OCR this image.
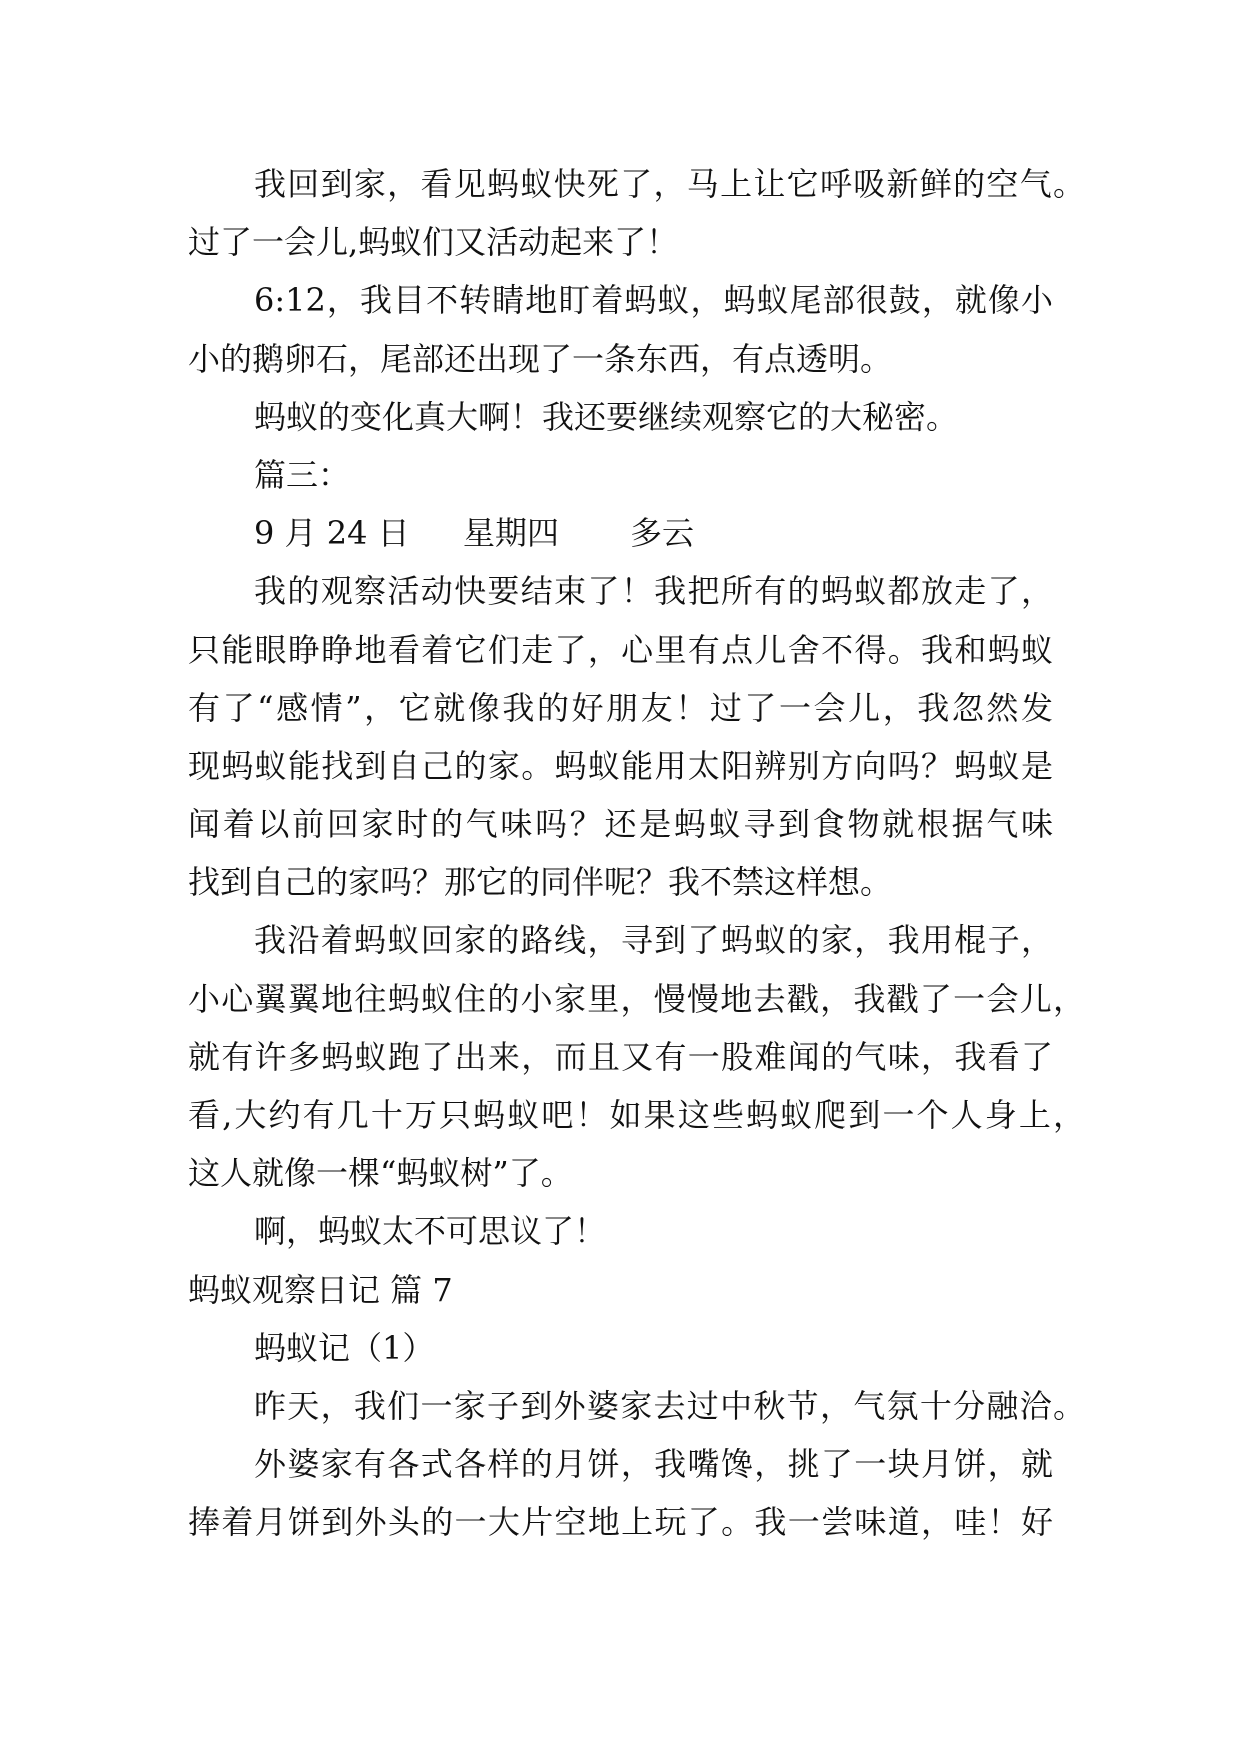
我回到家，看见蚂蚁快死了，马上让它呼吸新鲜的空气。
过了一会儿,蚂蚁们又活动起来了！
6:12，我目不转睛地盯着蚂蚁，蚂蚁尾部很鼓，就像小
小的鹅卵石，尾部还出现了一条东西，有点透明。
蚂蚁的变化真大啊！我还要继续观察它的大秘密。
篇三：
9 月 24 日 星期四 多云
我的观察活动快要结束了！我把所有的蚂蚁都放走了，
只能眼睁睁地看着它们走了，心里有点儿舍不得。我和蚂蚁
有了“感情”，它就像我的好朋友！过了一会儿，我忽然发
现蚂蚁能找到自己的家。蚂蚁能用太阳辨别方向吗？蚂蚁是
闻着以前回家时的气味吗？还是蚂蚁寻到食物就根据气味
找到自己的家吗？那它的同伴呢？我不禁这样想。
我沿着蚂蚁回家的路线，寻到了蚂蚁的家，我用棍子，
小心翼翼地往蚂蚁住的小家里，慢慢地去戳，我戳了一会儿，
就有许多蚂蚁跑了出来，而且又有一股难闻的气味，我看了
看,大约有几十万只蚂蚁吧！如果这些蚂蚁爬到一个人身上，
这人就像一棵“蚂蚁树”了。
啊，蚂蚁太不可思议了！
蚂蚁观察日记 篇 7
蚂蚁记（1）
昨天，我们一家子到外婆家去过中秋节，气氛十分融洽。
外婆家有各式各样的月饼，我嘴馋，挑了一块月饼，就
捧着月饼到外头的一大片空地上玩了。我一尝味道，哇！好
